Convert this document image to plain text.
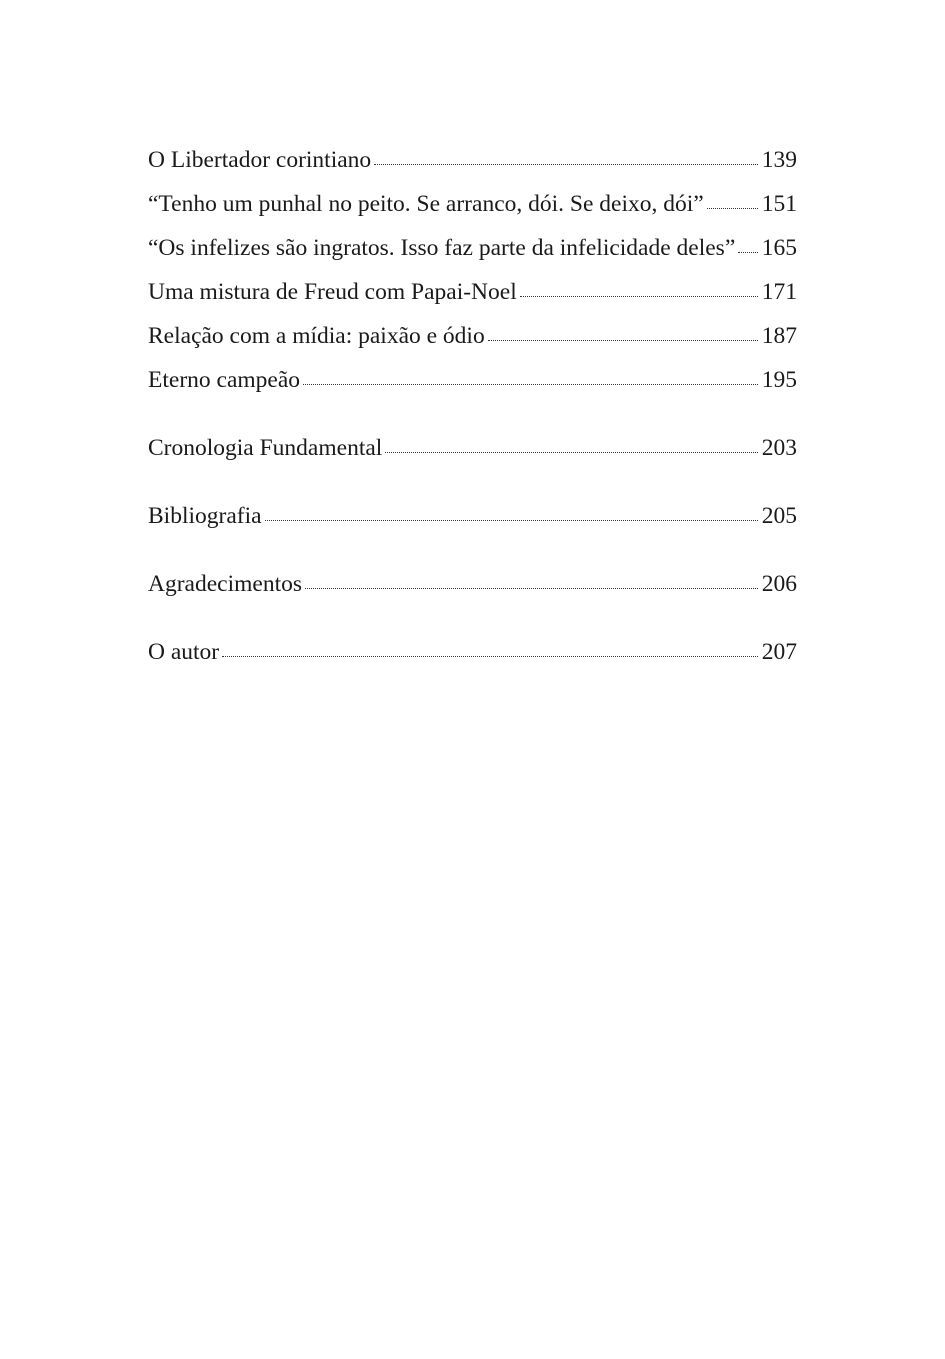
O Libertador corintiano	139
“Tenho um punhal no peito. Se arranco, dói. Se deixo, dói” 151
“Os infelizes são ingratos. Isso faz parte da infelicidade deles” 165
Uma mistura de Freud com Papai-Noel	171
Relação com a mídia: paixão e ódio	187
Eterno campeão	195
Cronologia Fundamental	203
Bibliografia	205
Agradecimentos	206
O autor	207
